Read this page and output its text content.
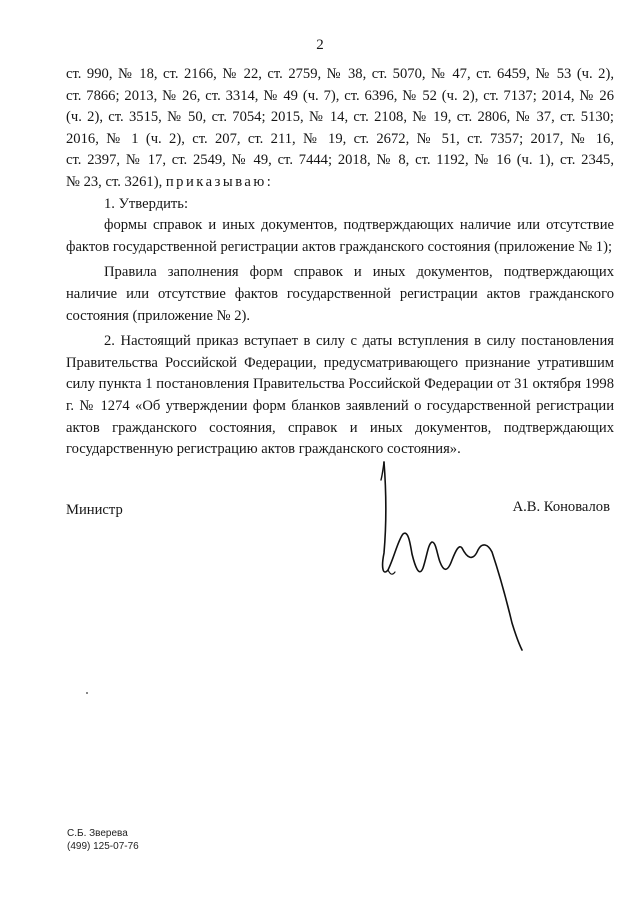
2

ст. 990, № 18, ст. 2166, № 22, ст. 2759, № 38, ст. 5070, № 47, ст. 6459, № 53 (ч. 2),

ст. 7866; 2013, № 26, ст. 3314, № 49 (ч. 7), ст. 6396, № 52 (ч. 2), ст. 7137; 2014, № 26

(ч. 2), ст. 3515, № 50, ст. 7054; 2015, № 14, ст. 2108, № 19, ст. 2806, № 37, ст. 5130;

2016, № 1 (ч. 2), ст. 207, ст. 211, № 19, ст. 2672, № 51, ст. 7357; 2017, № 16,

ст. 2397, № 17, ст. 2549, № 49, ст. 7444; 2018, № 8, ст. 1192, № 16 (ч. 1), ст. 2345,

№ 23, ст. 3261), приказываю:

1. Утвердить:

формы справок и иных документов, подтверждающих наличие или отсутствие фактов государственной регистрации актов гражданского состояния (приложение № 1);

Правила заполнения форм справок и иных документов, подтверждающих наличие или отсутствие фактов государственной регистрации актов гражданского состояния (приложение № 2).

2. Настоящий приказ вступает в силу с даты вступления в силу постановления Правительства Российской Федерации, предусматривающего признание утратившим силу пункта 1 постановления Правительства Российской Федерации от 31 октября 1998 г. № 1274 «Об утверждении форм бланков заявлений о государственной регистрации актов гражданского состояния, справок и иных документов, подтверждающих государственную регистрацию актов гражданского состояния».

Министр	А.В. Коновалов
С.Б. Зверева
(499) 125-07-76
